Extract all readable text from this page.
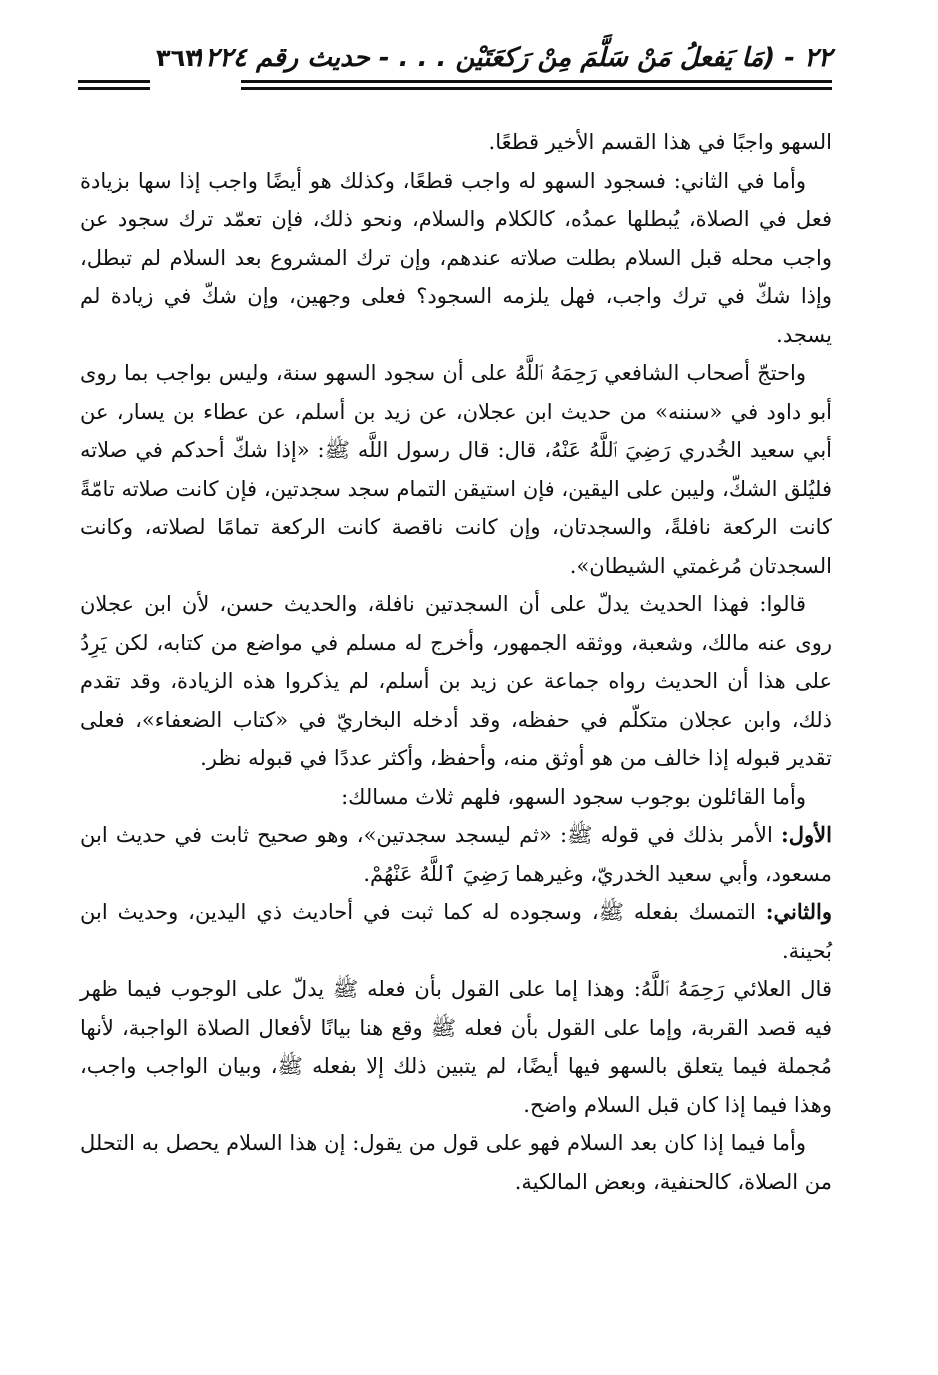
٢٢ - (مَا يَفعلُ مَنْ سَلَّمَ مِنْ رَكعَتَيْن . . . - حديث رقم ١٢٢٤
٣٦٣

السهو واجبًا في هذا القسم الأخير قطعًا.

وأما في الثاني: فسجود السهو له واجب قطعًا، وكذلك هو أيضًا واجب إذا سها بزيادة فعل في الصلاة، يُبطلها عمدُه، كالكلام والسلام، ونحو ذلك، فإن تعمّد ترك سجود عن واجب محله قبل السلام بطلت صلاته عندهم، وإن ترك المشروع بعد السلام لم تبطل، وإذا شكّ في ترك واجب، فهل يلزمه السجود؟ فعلى وجهين، وإن شكّ في زيادة لم يسجد.

واحتجّ أصحاب الشافعي رَحِمَهُ ٱللَّهُ على أن سجود السهو سنة، وليس بواجب بما روى أبو داود في «سننه» من حديث ابن عجلان، عن زيد بن أسلم، عن عطاء بن يسار، عن أبي سعيد الخُدري رَضِيَ ٱللَّهُ عَنْهُ، قال: قال رسول اللَّه ﷺ: «إذا شكّ أحدكم في صلاته فليُلق الشكّ، وليبن على اليقين، فإن استيقن التمام سجد سجدتين، فإن كانت صلاته تامّةً كانت الركعة نافلةً، والسجدتان، وإن كانت ناقصة كانت الركعة تمامًا لصلاته، وكانت السجدتان مُرغمتي الشيطان».

قالوا: فهذا الحديث يدلّ على أن السجدتين نافلة، والحديث حسن، لأن ابن عجلان روى عنه مالك، وشعبة، ووثقه الجمهور، وأخرج له مسلم في مواضع من كتابه، لكن يَرِدُ على هذا أن الحديث رواه جماعة عن زيد بن أسلم، لم يذكروا هذه الزيادة، وقد تقدم ذلك، وابن عجلان متكلّم في حفظه، وقد أدخله البخاريّ في «كتاب الضعفاء»، فعلى تقدير قبوله إذا خالف من هو أوثق منه، وأحفظ، وأكثر عددًا في قبوله نظر.

وأما القائلون بوجوب سجود السهو، فلهم ثلاث مسالك:

الأول: الأمر بذلك في قوله ﷺ: «ثم ليسجد سجدتين»، وهو صحيح ثابت في حديث ابن مسعود، وأبي سعيد الخدريّ، وغيرهما رَضِيَ ٱللَّهُ عَنْهُمْ.

والثاني: التمسك بفعله ﷺ، وسجوده له كما ثبت في أحاديث ذي اليدين، وحديث ابن بُحينة.

قال العلائي رَحِمَهُ ٱللَّهُ: وهذا إما على القول بأن فعله ﷺ يدلّ على الوجوب فيما ظهر فيه قصد القربة، وإما على القول بأن فعله ﷺ وقع هنا بيانًا لأفعال الصلاة الواجبة، لأنها مُجملة فيما يتعلق بالسهو فيها أيضًا، لم يتبين ذلك إلا بفعله ﷺ، وبيان الواجب واجب، وهذا فيما إذا كان قبل السلام واضح.

وأما فيما إذا كان بعد السلام فهو على قول من يقول: إن هذا السلام يحصل به التحلل من الصلاة، كالحنفية، وبعض المالكية.
